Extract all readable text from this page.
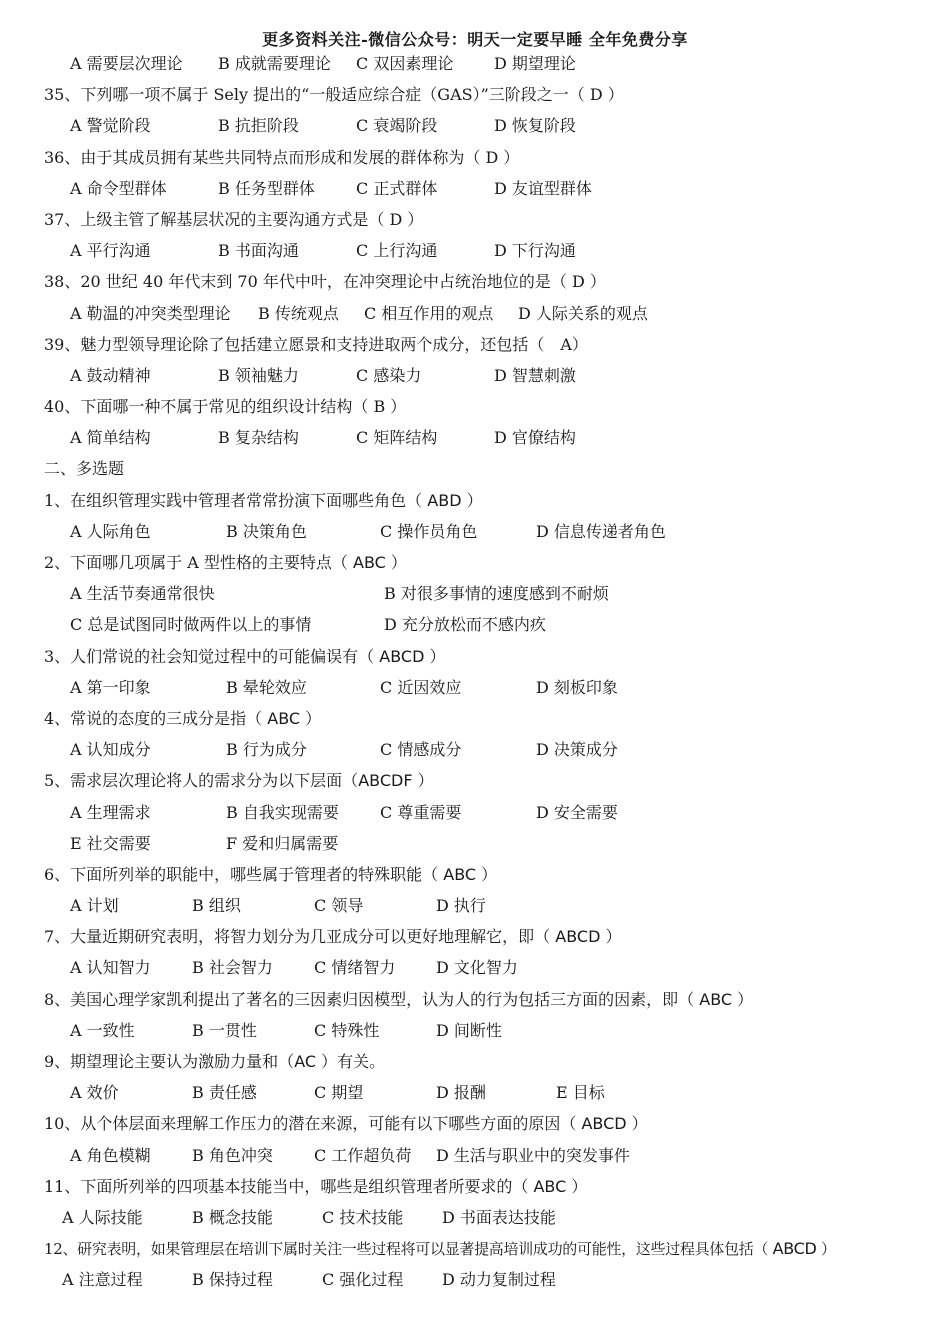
更多资料关注-微信公众号：明天一定要早睡 全年免费分享
A 需要层次理论 B 成就需要理论 C 双因素理论	D 期望理论
35、下列哪一项不属于 Sely 提出的“一般适应综合症（GAS）”三阶段之一（ D ）
A 警觉阶段	B 抗拒阶段	C 衰竭阶段	D 恢复阶段
36、由于其成员拥有某些共同特点而形成和发展的群体称为（ D ）
A 命令型群体	B 任务型群体	C 正式群体	D 友谊型群体
37、上级主管了解基层状况的主要沟通方式是（ D ）
A 平行沟通	B 书面沟通	C 上行沟通	D 下行沟通
38、20 世纪 40 年代末到 70 年代中叶，在冲突理论中占统治地位的是（ D ）
A 勒温的冲突类型理论 B 传统观点 C 相互作用的观点 D 人际关系的观点
39、魅力型领导理论除了包括建立愿景和支持进取两个成分，还包括（　A）
A 鼓动精神	B 领袖魅力	C 感染力	D 智慧刺激
40、下面哪一种不属于常见的组织设计结构（ B ）
A 简单结构	B 复杂结构	C 矩阵结构	D 官僚结构
二、多选题
1、在组织管理实践中管理者常常扮演下面哪些角色（ ABD ）
A 人际角色	B 决策角色	C 操作员角色	D 信息传递者角色
2、下面哪几项属于 A 型性格的主要特点（ ABC ）
A 生活节奏通常很快	B 对很多事情的速度感到不耐烦
C 总是试图同时做两件以上的事情	D 充分放松而不感内疚
3、人们常说的社会知觉过程中的可能偏误有（ ABCD ）
A 第一印象	B 晕轮效应	C 近因效应	D 刻板印象
4、常说的态度的三成分是指（ ABC ）
A 认知成分	B 行为成分	C 情感成分	D 决策成分
5、需求层次理论将人的需求分为以下层面（ABCDF ）
A 生理需求	B 自我实现需要	C 尊重需要	D 安全需要
E 社交需要	F 爱和归属需要
6、下面所列举的职能中，哪些属于管理者的特殊职能（ ABC ）
A 计划	B 组织	C 领导	D 执行
7、大量近期研究表明，将智力划分为几亚成分可以更好地理解它，即（ ABCD ）
A 认知智力	B 社会智力	C 情绪智力	D 文化智力
8、美国心理学家凯利提出了著名的三因素归因模型，认为人的行为包括三方面的因素，即（ ABC ）
A 一致性	B 一贯性	C 特殊性	D 间断性
9、期望理论主要认为激励力量和（AC ）有关。
A 效价	B 责任感	C 期望	D 报酬	E 目标
10、从个体层面来理解工作压力的潜在来源，可能有以下哪些方面的原因（ ABCD ）
A 角色模糊	B 角色冲突	C 工作超负荷 D 生活与职业中的突发事件
11、下面所列举的四项基本技能当中，哪些是组织管理者所要求的（ ABC ）
A 人际技能	B 概念技能	C 技术技能 D 书面表达技能
12、研究表明，如果管理层在培训下属时关注一些过程将可以显著提高培训成功的可能性，这些过程具体包括（ ABCD ）
A 注意过程	B 保持过程	C 强化过程 D 动力复制过程
